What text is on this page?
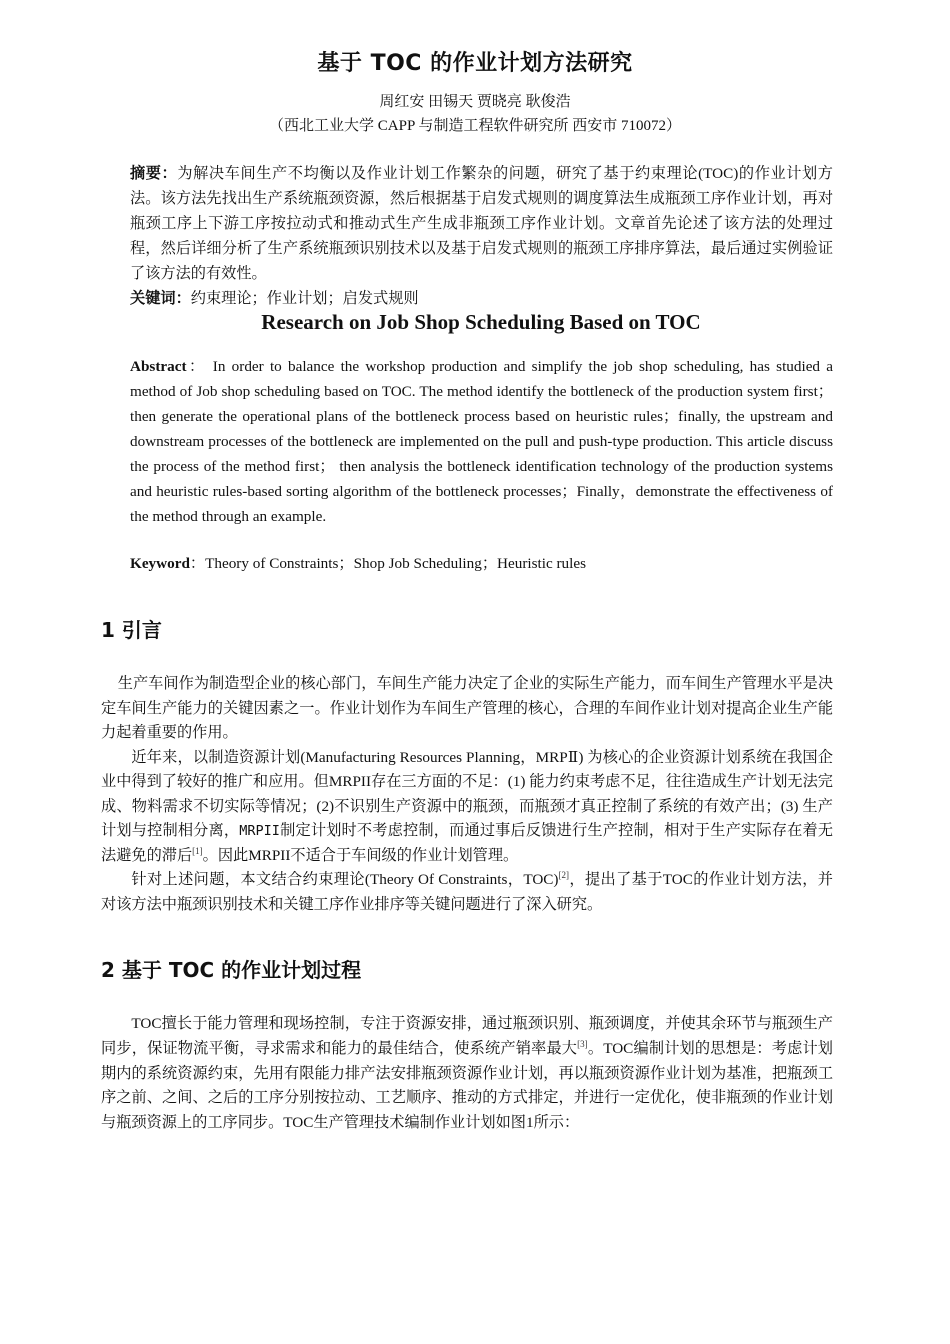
基于 TOC 的作业计划方法研究
周红安 田锡天 贾晓亮 耿俊浩
（西北工业大学 CAPP 与制造工程软件研究所 西安市 710072）
摘要：为解决车间生产不均衡以及作业计划工作繁杂的问题，研究了基于约束理论(TOC)的作业计划方法。该方法先找出生产系统瓶颈资源，然后根据基于启发式规则的调度算法生成瓶颈工序作业计划，再对瓶颈工序上下游工序按拉动式和推动式生产生成非瓶颈工序作业计划。文章首先论述了该方法的处理过程，然后详细分析了生产系统瓶颈识别技术以及基于启发式规则的瓶颈工序排序算法，最后通过实例验证了该方法的有效性。
关键词：约束理论；作业计划；启发式规则
Research on Job Shop Scheduling Based on TOC
Abstract： In order to balance the workshop production and simplify the job shop scheduling, has studied a method of Job shop scheduling based on TOC. The method identify the bottleneck of the production system first；then generate the operational plans of the bottleneck process based on heuristic rules；finally, the upstream and downstream processes of the bottleneck are implemented on the pull and push-type production. This article discuss the process of the method first； then analysis the bottleneck identification technology of the production systems and heuristic rules-based sorting algorithm of the bottleneck processes；Finally，demonstrate the effectiveness of the method through an example.
Keyword：Theory of Constraints；Shop Job Scheduling；Heuristic rules
1 引言

生产车间作为制造型企业的核心部门，车间生产能力决定了企业的实际生产能力，而车间生产管理水平是决定车间生产能力的关键因素之一。作业计划作为车间生产管理的核心，合理的车间作业计划对提高企业生产能力起着重要的作用。

近年来，以制造资源计划(Manufacturing Resources Planning，MRPⅡ) 为核心的企业资源计划系统在我国企业中得到了较好的推广和应用。但MRPII存在三方面的不足：(1) 能力约束考虑不足，往往造成生产计划无法完成、物料需求不切实际等情况；(2)不识别生产资源中的瓶颈，而瓶颈才真正控制了系统的有效产出；(3) 生产计划与控制相分离，MRPII制定计划时不考虑控制，而通过事后反馈进行生产控制，相对于生产实际存在着无法避免的滞后[1]。因此MRPII不适合于车间级的作业计划管理。

针对上述问题，本文结合约束理论(Theory Of Constraints，TOC)[2]，提出了基于TOC的作业计划方法，并对该方法中瓶颈识别技术和关键工序作业排序等关键问题进行了深入研究。

2 基于 TOC 的作业计划过程

TOC擅长于能力管理和现场控制，专注于资源安排，通过瓶颈识别、瓶颈调度，并使其余环节与瓶颈生产同步，保证物流平衡，寻求需求和能力的最佳结合，使系统产销率最大[3]。TOC编制计划的思想是：考虑计划期内的系统资源约束，先用有限能力排产法安排瓶颈资源作业计划，再以瓶颈资源作业计划为基准，把瓶颈工序之前、之间、之后的工序分别按拉动、工艺顺序、推动的方式排定，并进行一定优化，使非瓶颈的作业计划与瓶颈资源上的工序同步。TOC生产管理技术编制作业计划如图1所示：
